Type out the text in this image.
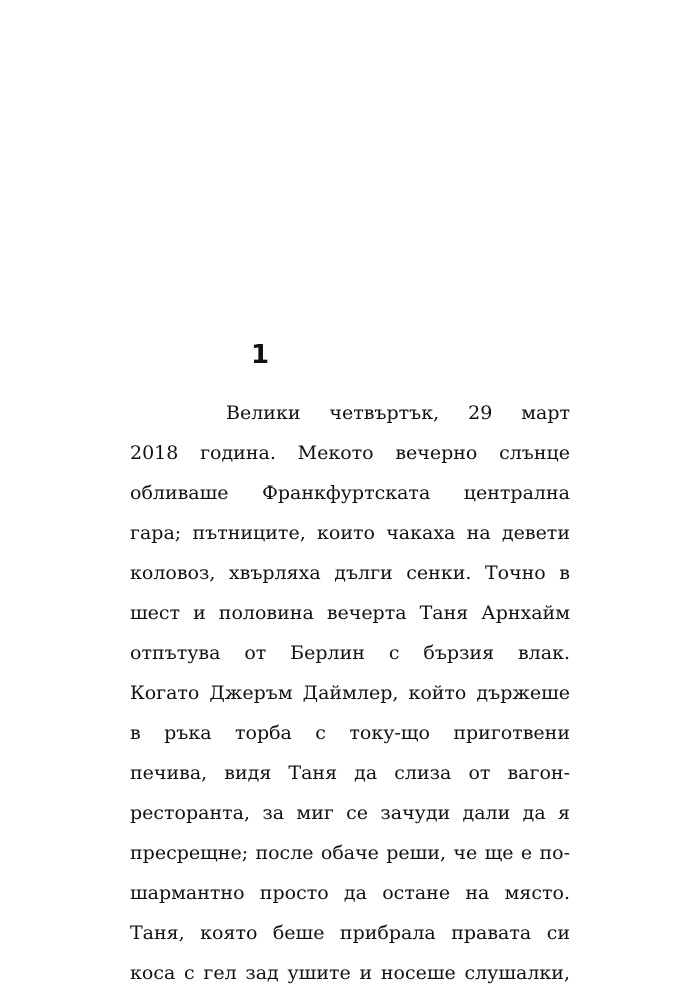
1
Велики четвъртък, 29 март
2018 година. Мекото вечерно слънце
обливаше Франкфуртската централна
гара; пътниците, които чакаха на девети
коловоз, хвърляха дълги сенки. Точно в
шест и половина вечерта Таня Арнхайм
отпътува от Берлин с бързия влак.
Когато Джеръм Даймлер, който държеше
в ръка торба с току-що приготвени
печива, видя Таня да слиза от вагон-
ресторанта, за миг се зачуди дали да я
пресрещне; после обаче реши, че ще е по-
шармантно просто да остане на място.
Таня, която беше прибрала правата си
коса с гел зад ушите и носеше слушалки,
